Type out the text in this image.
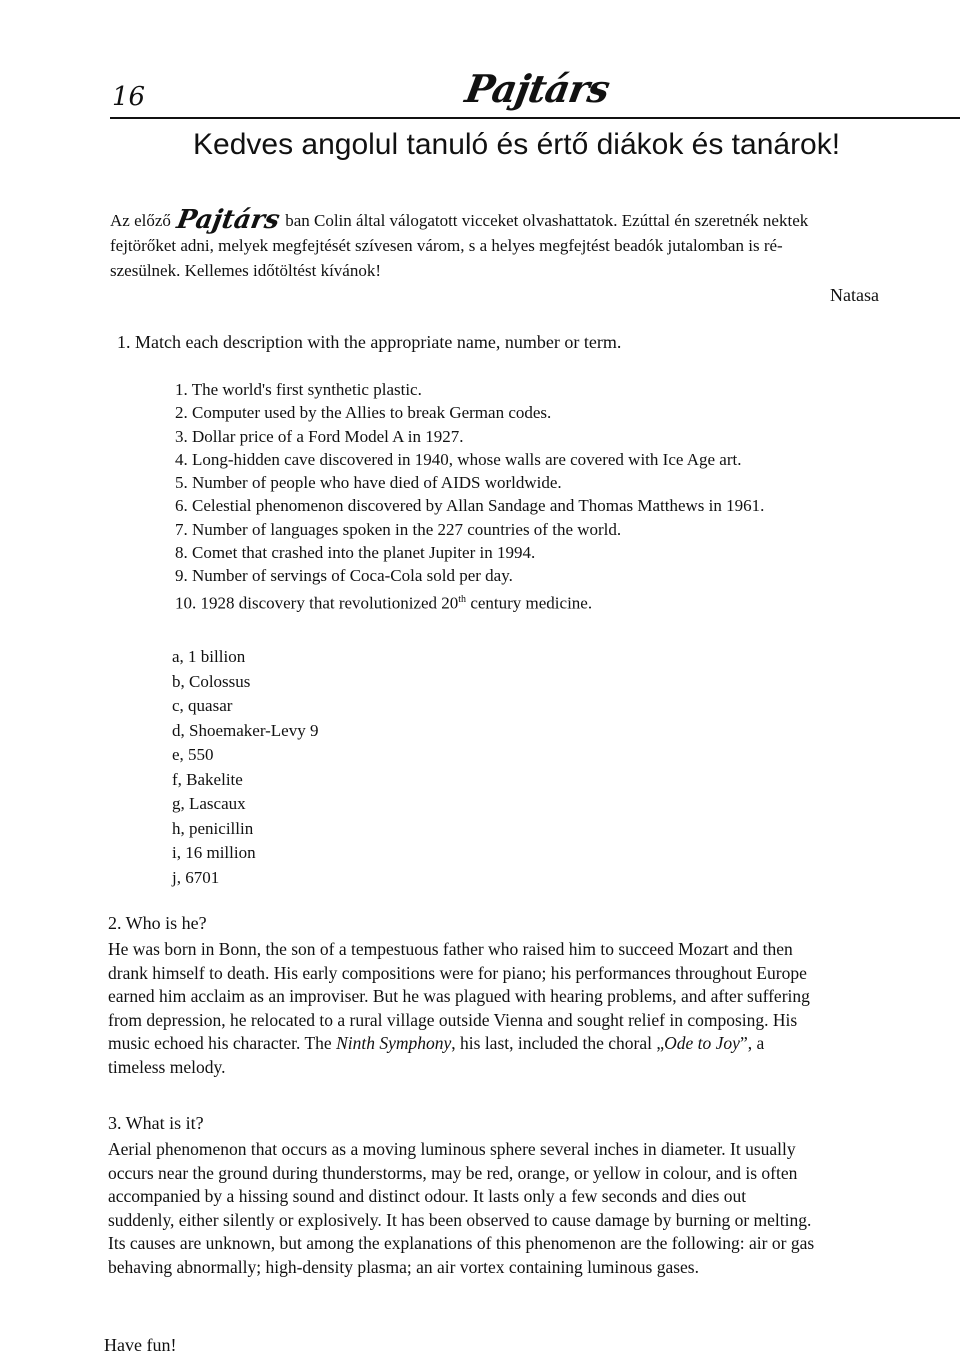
16	Pajtárs
Kedves angolul tanuló és értő diákok és tanárok!
Az előző Pajtárs ban Colin által válogatott vicceket olvashattatok. Ezúttal én szeretnék nektek
fejtörőket adni, melyek megfejtését szívesen várom, s a helyes megfejtést beadók jutalomban is ré-
szesülnek. Kellemes időtöltést kívánok!
Natasa
1. Match each description with the appropriate name, number or term.
1. The world's first synthetic plastic.
2. Computer used by the Allies to break German codes.
3. Dollar price of a Ford Model A in 1927.
4. Long-hidden cave discovered in 1940, whose walls are covered with Ice Age art.
5. Number of people who have died of AIDS worldwide.
6. Celestial phenomenon discovered by Allan Sandage and Thomas Matthews in 1961.
7. Number of languages spoken in the 227 countries of the world.
8. Comet that crashed into the planet Jupiter in 1994.
9. Number of servings of Coca-Cola sold per day.
10. 1928 discovery that revolutionized 20th century medicine.
a, 1 billion
b, Colossus
c, quasar
d, Shoemaker-Levy 9
e, 550
f, Bakelite
g, Lascaux
h, penicillin
i, 16 million
j, 6701
2. Who is he?
He was born in Bonn, the son of a tempestuous father who raised him to succeed Mozart and then
drank himself to death. His early compositions were for piano; his performances throughout Europe
earned him acclaim as an improviser. But he was plagued with hearing problems, and after suffering
from depression, he relocated to a rural village outside Vienna and sought relief in composing. His
music echoed his character. The Ninth Symphony, his last, included the choral „Ode to Joy”, a
timeless melody.
3. What is it?
Aerial phenomenon that occurs as a moving luminous sphere several inches in diameter. It usually
occurs near the ground during thunderstorms, may be red, orange, or yellow in colour, and is often
accompanied by a hissing sound and distinct odour. It lasts only a few seconds and dies out
suddenly, either silently or explosively. It has been observed to cause damage by burning or melting.
Its causes are unknown, but among the explanations of this phenomenon are the following: air or gas
behaving abnormally; high-density plasma; an air vortex containing luminous gases.
Have fun!
